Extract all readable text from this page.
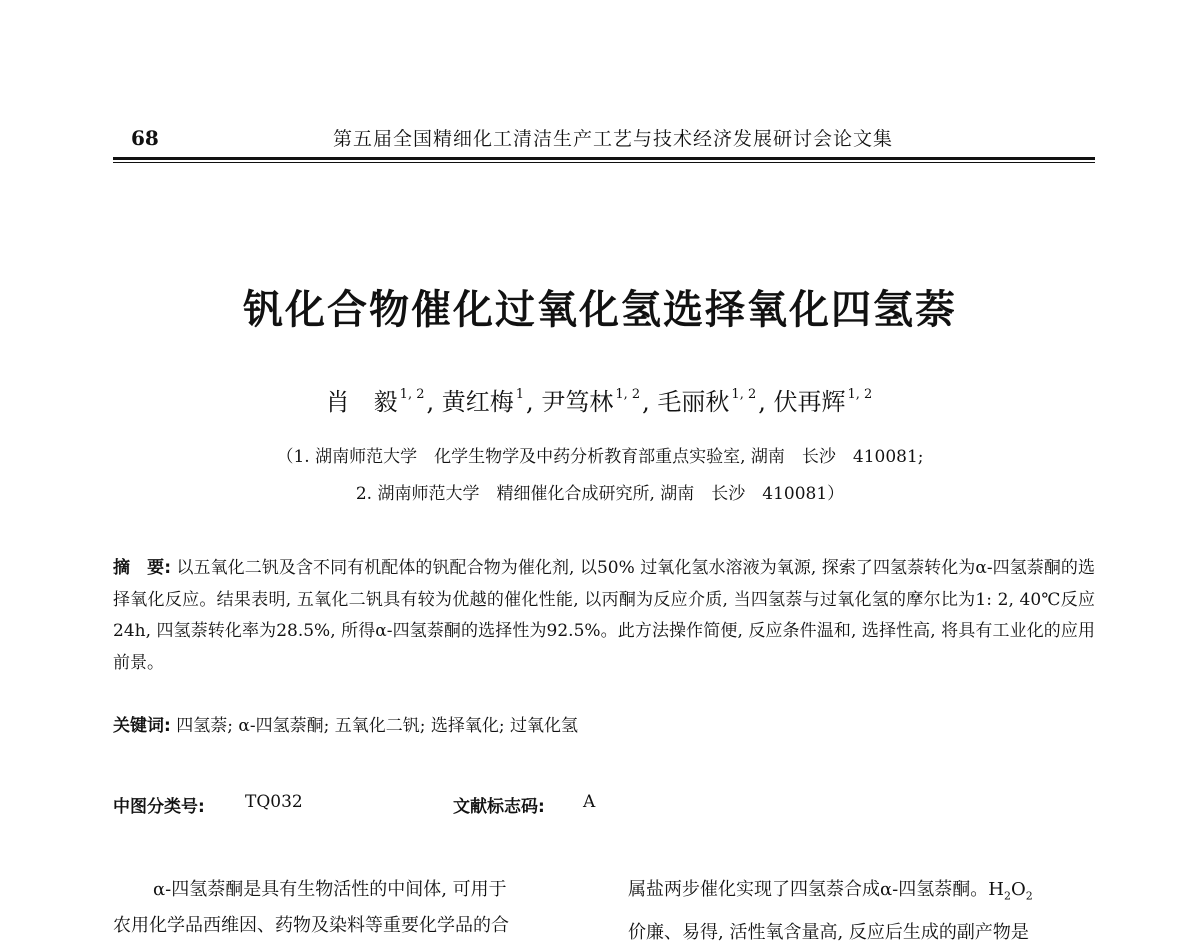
68	第五届全国精细化工清洁生产工艺与技术经济发展研讨会论文集
钒化合物催化过氧化氢选择氧化四氢萘
肖　毅 $^{1, 2}$, 黄红梅 $^1$, 尹笃林 $^{1, 2}$, 毛丽秋 $^{1, 2}$, 伏再辉 $^{1, 2}$
（1. 湖南师范大学　化学生物学及中药分析教育部重点实验室, 湖南　长沙　410081;
2. 湖南师范大学　精细催化合成研究所, 湖南　长沙　410081）
摘　要: 以五氧化二钒及含不同有机配体的钒配合物为催化剂, 以50% 过氧化氢水溶液为氧源, 探索了四氢萘转化为α-四氢萘酮的选择氧化反应。结果表明, 五氧化二钒具有较为优越的催化性能, 以丙酮为反应介质, 当四氢萘与过氧化氢的摩尔比为1: 2, 40℃反应24h, 四氢萘转化率为28.5%, 所得α-四氢萘酮的选择性为92.5%。此方法操作简便, 反应条件温和, 选择性高, 将具有工业化的应用前景。
关键词: 四氢萘; α-四氢萘酮; 五氧化二钒; 选择氧化; 过氧化氢
中图分类号: TQ032	文献标志码: A

α-四氢萘酮是具有生物活性的中间体, 可用于

农用化学品西维因、药物及染料等重要化学品的合

属盐两步催化实现了四氢萘合成α-四氢萘酮。$H_2O_2$

价廉、易得, 活性氧含量高, 反应后生成的副产物是
